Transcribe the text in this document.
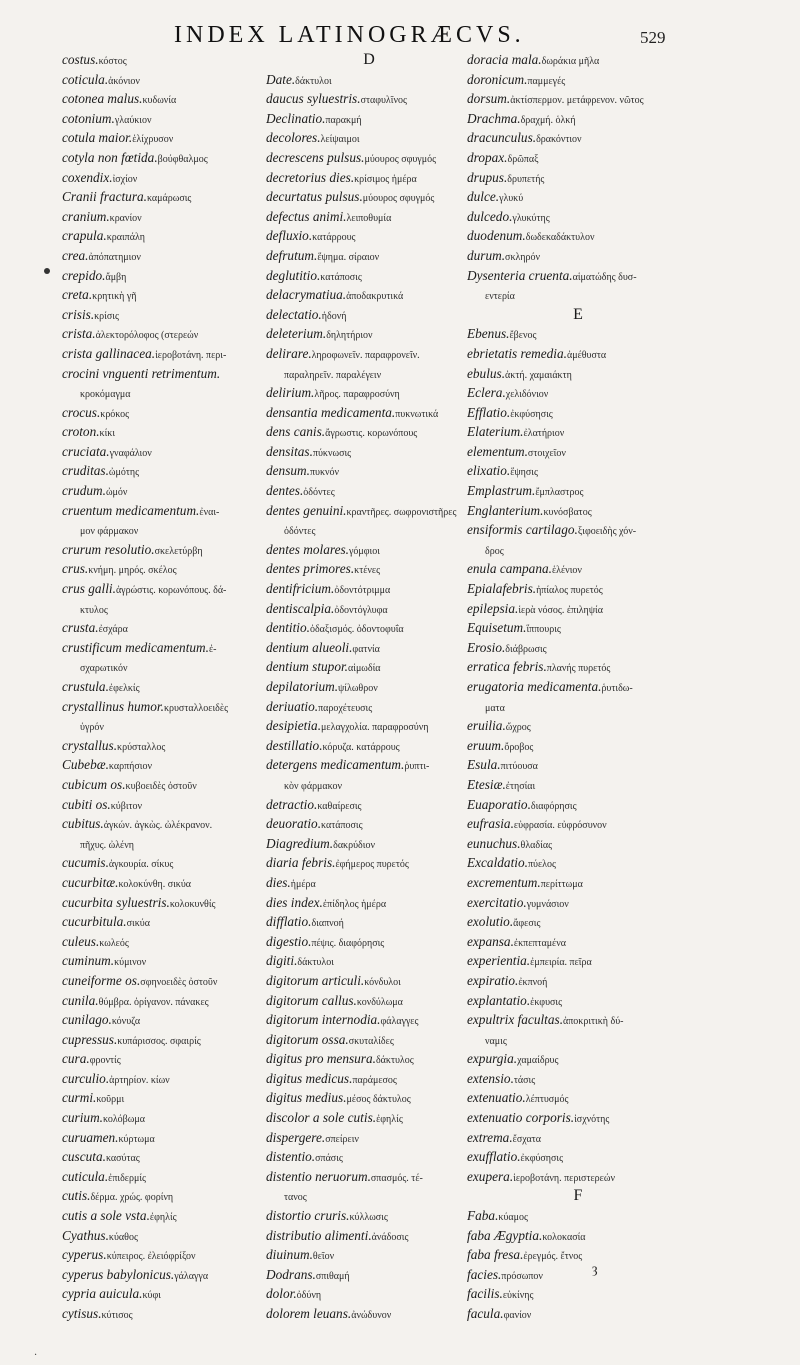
INDEX LATINOGRÆCVS.	529
costus.κόστος
coticula.ἀκόνιον
cotonea malus.κυδωνία
cotonium.γλαύκιον
cotula maior.ἑλίχρυσον
cotyla non fœtida.βούφθαλμος
coxendix.ἰσχίον
Cranii fractura.καμάρωσις
cranium.κρανίον
crapula.κραιπάλη
crea.ἀπόπατημιον
crepido.ἄμβη
creta.κρητικὴ γῆ
crisis.κρίσις
crista.ἀλεκτορόλοφος (στερεών
crista gallinacea.ἱεροβοτάνη. περι-
crocini vnguenti retrimentum.
κροκόμαγμα
crocus.κρόκος
croton.κίκι
cruciata.γναφάλιον
cruditas.ὠμότης
crudum.ὠμόν
cruentum medicamentum.ἐναι-
μον φάρμακον
crurum resolutio.σκελετύρβη
crus.κνήμη. μηρός. σκέλος
crus galli.ἀγρώστις. κορωνόπους. δά-
κτυλος
crusta.ἐσχάρα
crustificum medicamentum.ἐ-
σχαρωτικόν
crustula.ἐφελκίς
crystallinus humor.κρυσταλλοειδὲς
ὑγρόν
crystallus.κρύσταλλος
Cubebæ.καρπήσιον
cubicum os.κυβοειδὲς ὀστοῦν
cubiti os.κύβιτον
cubitus.ἀγκών. ἀγκὼς. ὠλέκρανον.
πῆχυς. ὠλένη
cucumis.ἀγκουρία. σίκυς
cucurbitæ.κολοκύνθη. σικύα
cucurbita syluestris.κολοκυνθίς
cucurbitula.σικύα
culeus.κωλεός
cuminum.κύμινον
cuneiforme os.σφηνοειδὲς ὀστοῦν
cunila.θύμβρα. ὀρίγανον. πάνακες
cunilago.κόνυζα
cupressus.κυπάρισσος. σφαιρίς
cura.φροντίς
curculio.ἀρτηρίον. κίων
curmi.κοῦρμι
curium.κολόβωμα
curuamen.κύρτωμα
cuscuta.κασύτας
cuticula.ἐπιδερμίς
cutis.δέρμα. χρώς. φορίνη
cutis a sole vsta.ἐφηλίς
Cyathus.κύαθος
cyperus.κύπειρος. ἐλειόφρίξον
cyperus babylonicus.γάλαγγα
cypria auicula.κύφι
cytisus.κύτισος
D
Date.δάκτυλοι
daucus syluestris.σταφυλῖνος
Declinatio.παρακμή
decolores.λείψαιμοι
decrescens pulsus.μύουρος σφυγμός
decretorius dies.κρίσιμος ἡμέρα
decurtatus pulsus.μύουρος σφυγμός
defectus animi.λειποθυμία
defluxio.κατάρρους
defrutum.ἕψημα. σίραιον
deglutitio.κατάποσις
delacrymatiua.ἀποδακρυτικά
delectatio.ἡδονή
deleterium.δηλητήριον
delirare.ληροφωνεῖν. παραφρονεῖν.
παραληρεῖν. παραλέγειν
delirium.λῆρος. παραφροσύνη
densantia medicamenta.πυκνωτικά
dens canis.ἄγρωστις. κορωνόπους
densitas.πύκνωσις
densum.πυκνόν
dentes.ὀδόντες
dentes genuini.κραντῆρες. σωφρονιστῆρες
ὀδόντες
dentes molares.γόμφιοι
dentes primores.κτένες
dentifricium.ὀδοντότριμμα
dentiscalpia.ὀδοντόγλυφα
dentitio.ὀδαξισμός. ὀδοντοφυΐα
dentium alueoli.φατνία
dentium stupor.αἱμωδία
depilatorium.ψίλωθρον
deriuatio.παροχέτευσις
desipietia.μελαγχολία. παραφροσύνη
destillatio.κόρυζα. κατάρρους
detergens medicamentum.ῥυπτι-
κὸν φάρμακον
detractio.καθαίρεσις
deuoratio.κατάποσις
Diagredium.δακρύδιον
diaria febris.ἐφήμερος πυρετός
dies.ἡμέρα
dies index.ἐπίδηλος ἡμέρα
difflatio.διαπνοή
digestio.πέψις. διαφόρησις
digiti.δάκτυλοι
digitorum articuli.κόνδυλοι
digitorum callus.κονδύλωμα
digitorum internodia.φάλαγγες
digitorum ossa.σκυταλίδες
digitus pro mensura.δάκτυλος
digitus medicus.παράμεσος
digitus medius.μέσος δάκτυλος
discolor a sole cutis.ἐφηλίς
dispergere.σπείρειν
distentio.σπάσις
distentio neruorum.σπασμός. τέ-
τανος
distortio cruris.κύλλωσις
distributio alimenti.ἀνάδοσις
diuinum.θεῖον
Dodrans.σπιθαμή
dolor.ὀδύνη
dolorem leuans.ἀνώδυνον
doracia mala.δωράκια μῆλα
doronicum.παμμεγές
dorsum.ἀκτίσπερμον. μετάφρενον. νῶτος
Drachma.δραχμή. ὁλκή
dracunculus.δρακόντιον
dropax.δρῶπαξ
drupus.δρυπετής
dulce.γλυκύ
dulcedo.γλυκύτης
duodenum.δωδεκαδάκτυλον
durum.σκληρόν
Dysenteria cruenta.αἱματώδης δυσ-
εντερία
E
Ebenus.ἔβενος
ebrietatis remedia.ἀμέθυστα
ebulus.ἀκτή. χαμαιάκτη
Eclera.χελιδόνιον
Efflatio.ἐκφύσησις
Elaterium.ἐλατήριον
elementum.στοιχεῖον
elixatio.ἕψησις
Emplastrum.ἔμπλαστρος
Englanterium.κυνόσβατος
ensiformis cartilago.ξιφοειδὴς χόν-
δρος
enula campana.ἑλένιον
Epialafebris.ἠπίαλος πυρετός
epilepsia.ἱερὰ νόσος. ἐπιληψία
Equisetum.ἵππουρις
Erosio.διάβρωσις
erratica febris.πλανής πυρετός
erugatoria medicamenta.ῥυτιδω-
ματα
eruilia.ὤχρος
eruum.ὄροβος
Esula.πιτύουσα
Etesiæ.ἐτησίαι
Euaporatio.διαφόρησις
eufrasia.εὐφρασία. εὐφρόσυνον
eunuchus.θλαδίας
Excaldatio.πύελος
excrementum.περίττωμα
exercitatio.γυμνάσιον
exolutio.ἄφεσις
expansa.ἐκπεπταμένα
experientia.ἐμπειρία. πεῖρα
expiratio.ἐκπνοή
explantatio.ἐκφυσις
expultrix facultas.ἀποκριτικὴ δύ-
ναμις
expurgia.χαμαίδρυς
extensio.τάσις
extenuatio.λέπτυσμός
extenuatio corporis.ἰσχνότης
extrema.ἔσχατα
exufflatio.ἐκφύσησις
exupera.ἱεροβοτάνη. περιστερεών
F
Faba.κύαμος
faba Ægyptia.κολοκασία
faba fresa.ἐρεγμός. ἔτνος
facies.πρόσωπον
facilis.εὐκίνης
facula.φανίον
ȝ
·
